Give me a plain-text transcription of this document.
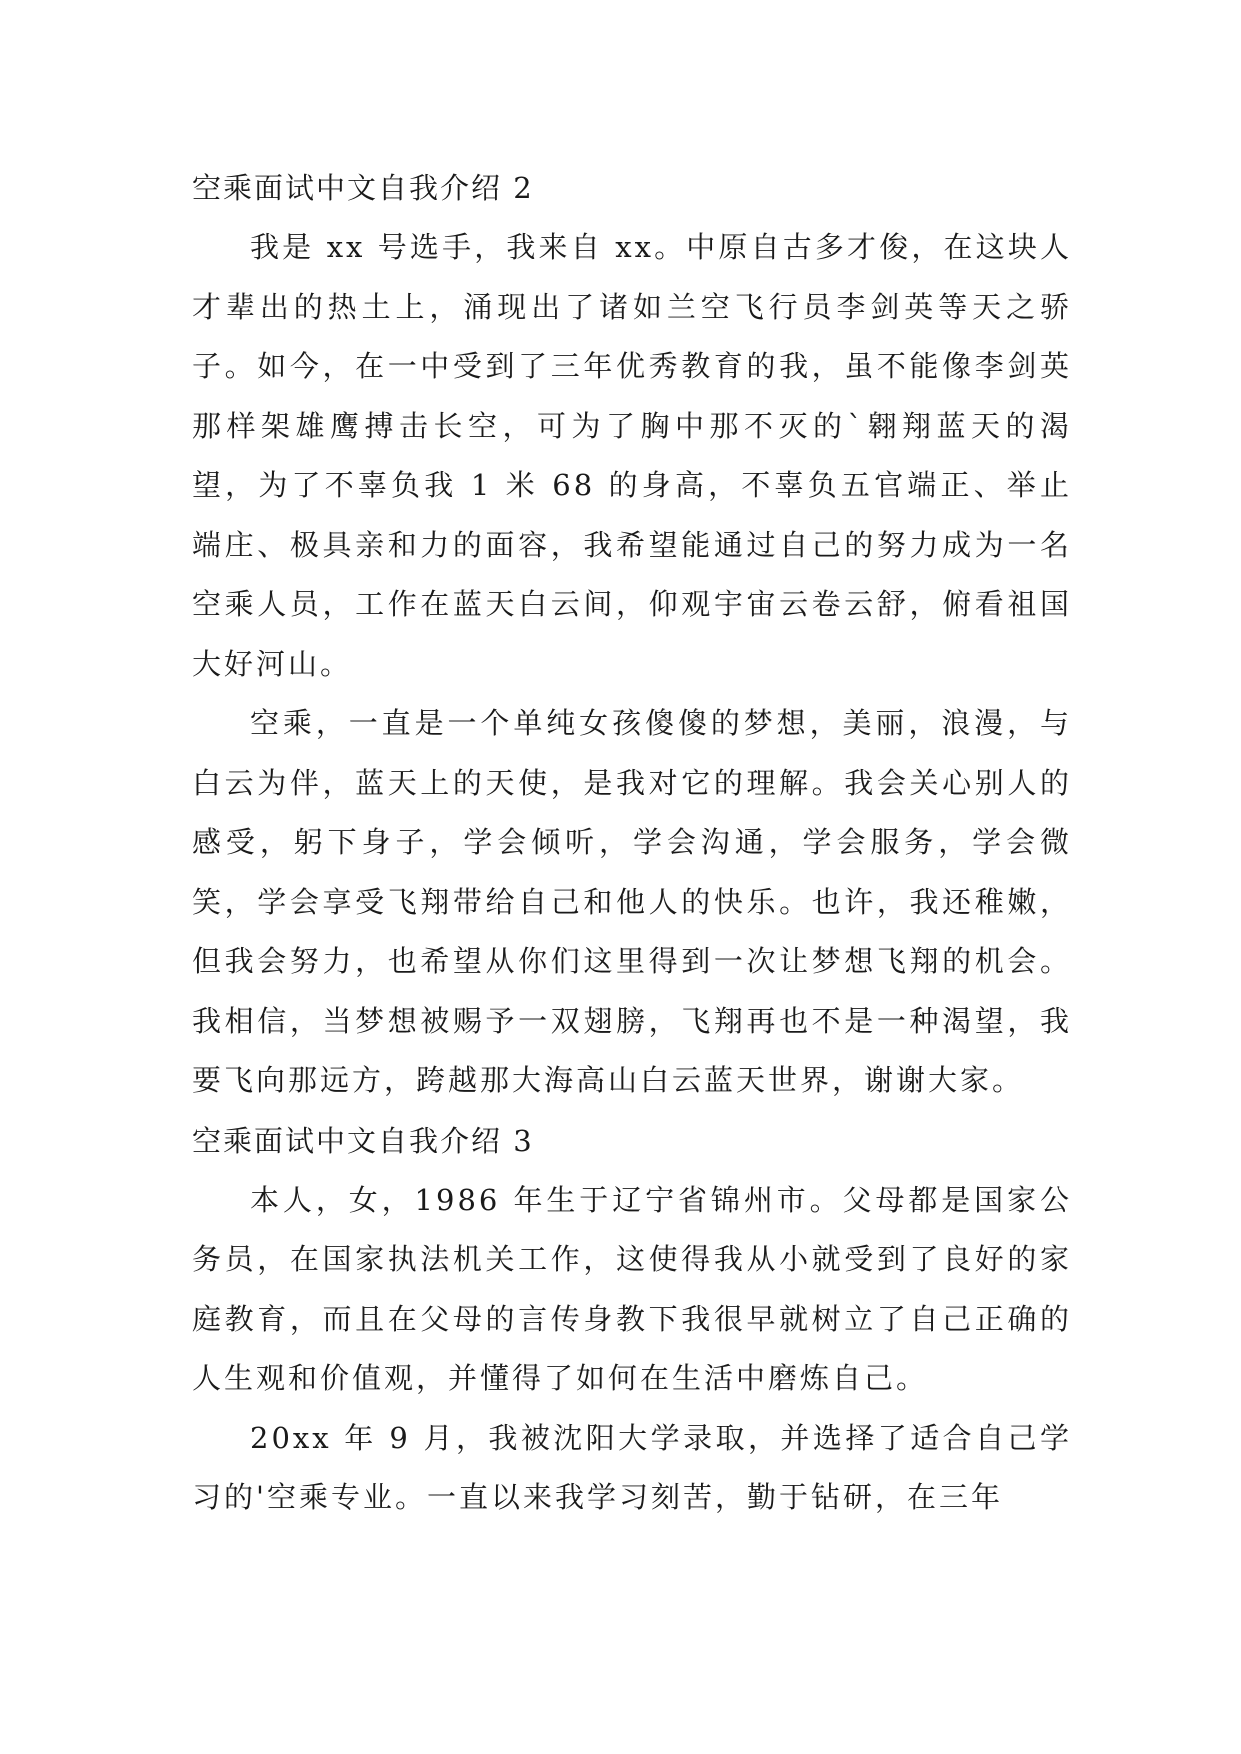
空乘面试中文自我介绍 2

我是 xx 号选手，我来自 xx。中原自古多才俊，在这块人才辈出的热土上，涌现出了诸如兰空飞行员李剑英等天之骄子。如今，在一中受到了三年优秀教育的我，虽不能像李剑英那样架雄鹰搏击长空，可为了胸中那不灭的`翱翔蓝天的渴望，为了不辜负我 1 米 68 的身高，不辜负五官端正、举止端庄、极具亲和力的面容，我希望能通过自己的努力成为一名空乘人员，工作在蓝天白云间，仰观宇宙云卷云舒，俯看祖国大好河山。

空乘，一直是一个单纯女孩傻傻的梦想，美丽，浪漫，与白云为伴，蓝天上的天使，是我对它的理解。我会关心别人的感受，躬下身子，学会倾听，学会沟通，学会服务，学会微笑，学会享受飞翔带给自己和他人的快乐。也许，我还稚嫩，但我会努力，也希望从你们这里得到一次让梦想飞翔的机会。我相信，当梦想被赐予一双翅膀，飞翔再也不是一种渴望，我要飞向那远方，跨越那大海高山白云蓝天世界，谢谢大家。

空乘面试中文自我介绍 3

本人，女，1986 年生于辽宁省锦州市。父母都是国家公务员，在国家执法机关工作，这使得我从小就受到了良好的家庭教育，而且在父母的言传身教下我很早就树立了自己正确的人生观和价值观，并懂得了如何在生活中磨炼自己。

20xx 年 9 月，我被沈阳大学录取，并选择了适合自己学习的'空乘专业。一直以来我学习刻苦，勤于钻研，在三年
